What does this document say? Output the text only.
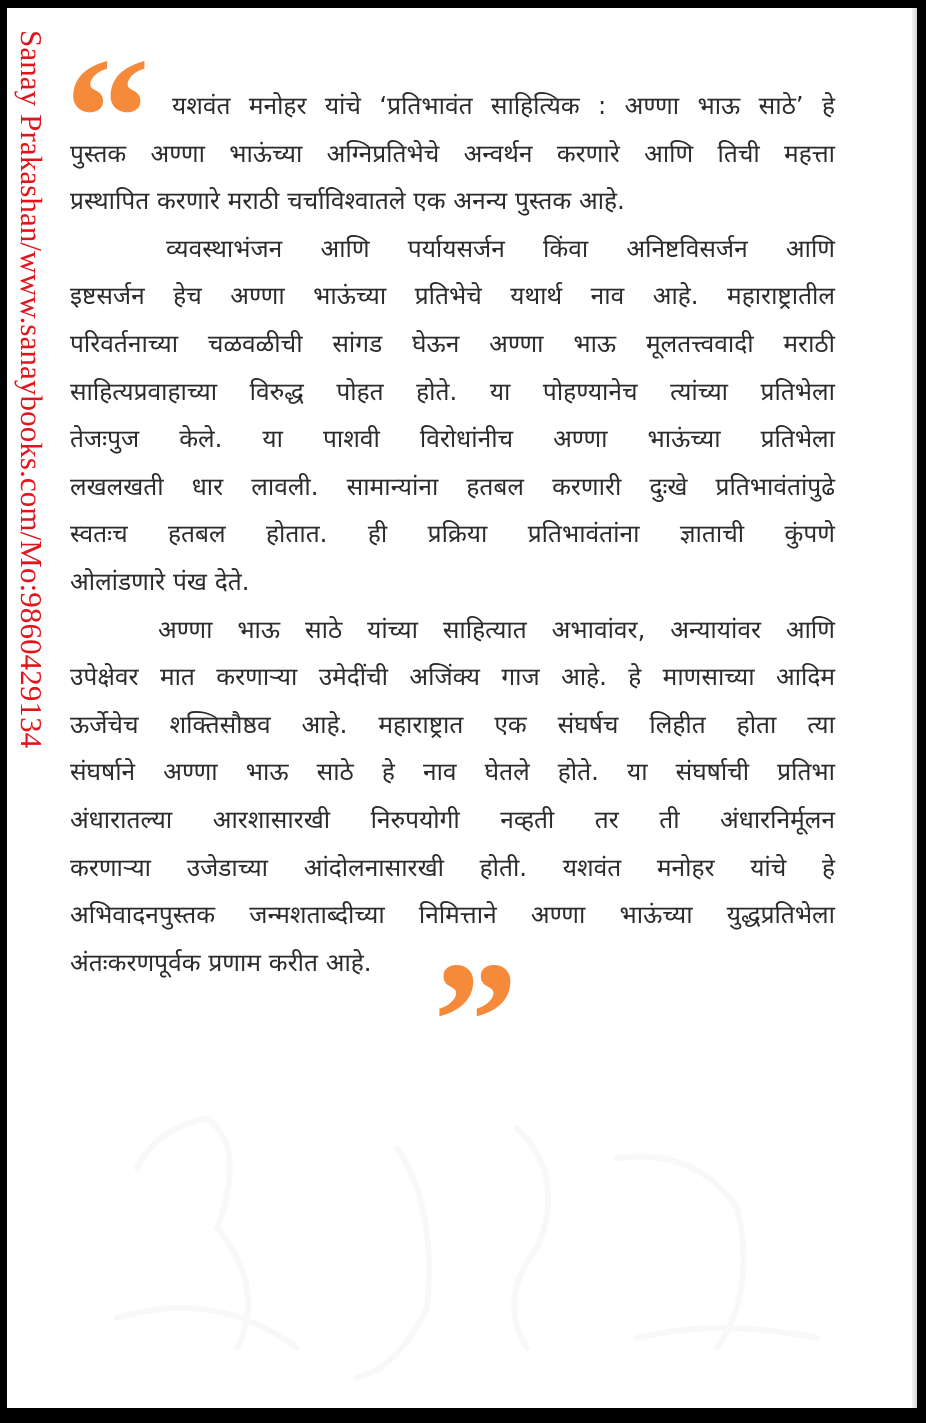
Sanay Prakashan/www.sanaybooks.com/Mo:9860429134 “ यशवंत मनोहर यांचे ‘प्रतिभावंत साहित्यिक : अण्णा भाऊ साठे’ हे
पुस्तक अण्णा भाऊंच्या अग्निप्रतिभेचे अन्वर्थन करणारे आणि तिची महत्ता
प्रस्थापित करणारे मराठी चर्चाविश्वातले एक अनन्य पुस्तक आहे.
व्यवस्थाभंजन आणि पर्यायसर्जन किंवा अनिष्टविसर्जन आणि
इष्टसर्जन हेच अण्णा भाऊंच्या प्रतिभेचे यथार्थ नाव आहे. महाराष्ट्रातील
परिवर्तनाच्या चळवळीची सांगड घेऊन अण्णा भाऊ मूलतत्त्ववादी मराठी
साहित्यप्रवाहाच्या विरुद्ध पोहत होते. या पोहण्यानेच त्यांच्या प्रतिभेला
तेजःपुज केले. या पाशवी विरोधांनीच अण्णा भाऊंच्या प्रतिभेला
लखलखती धार लावली. सामान्यांना हतबल करणारी दुःखे प्रतिभावंतांपुढे
स्वतःच हतबल होतात. ही प्रक्रिया प्रतिभावंतांना ज्ञाताची कुंपणे
ओलांडणारे पंख देते.
अण्णा भाऊ साठे यांच्या साहित्यात अभावांवर, अन्यायांवर आणि
उपेक्षेवर मात करणाऱ्या उमेदींची अजिंक्य गाज आहे. हे माणसाच्या आदिम
ऊर्जेचेच शक्तिसौष्ठव आहे. महाराष्ट्रात एक संघर्षच लिहीत होता त्या
संघर्षाने अण्णा भाऊ साठे हे नाव घेतले होते. या संघर्षाची प्रतिभा
अंधारातल्या आरशासारखी निरुपयोगी नव्हती तर ती अंधारनिर्मूलन
करणाऱ्या उजेडाच्या आंदोलनासारखी होती. यशवंत मनोहर यांचे हे
अभिवादनपुस्तक जन्मशताब्दीच्या निमित्ताने अण्णा भाऊंच्या युद्धप्रतिभेला
अंतःकरणपूर्वक प्रणाम करीत आहे. ”
